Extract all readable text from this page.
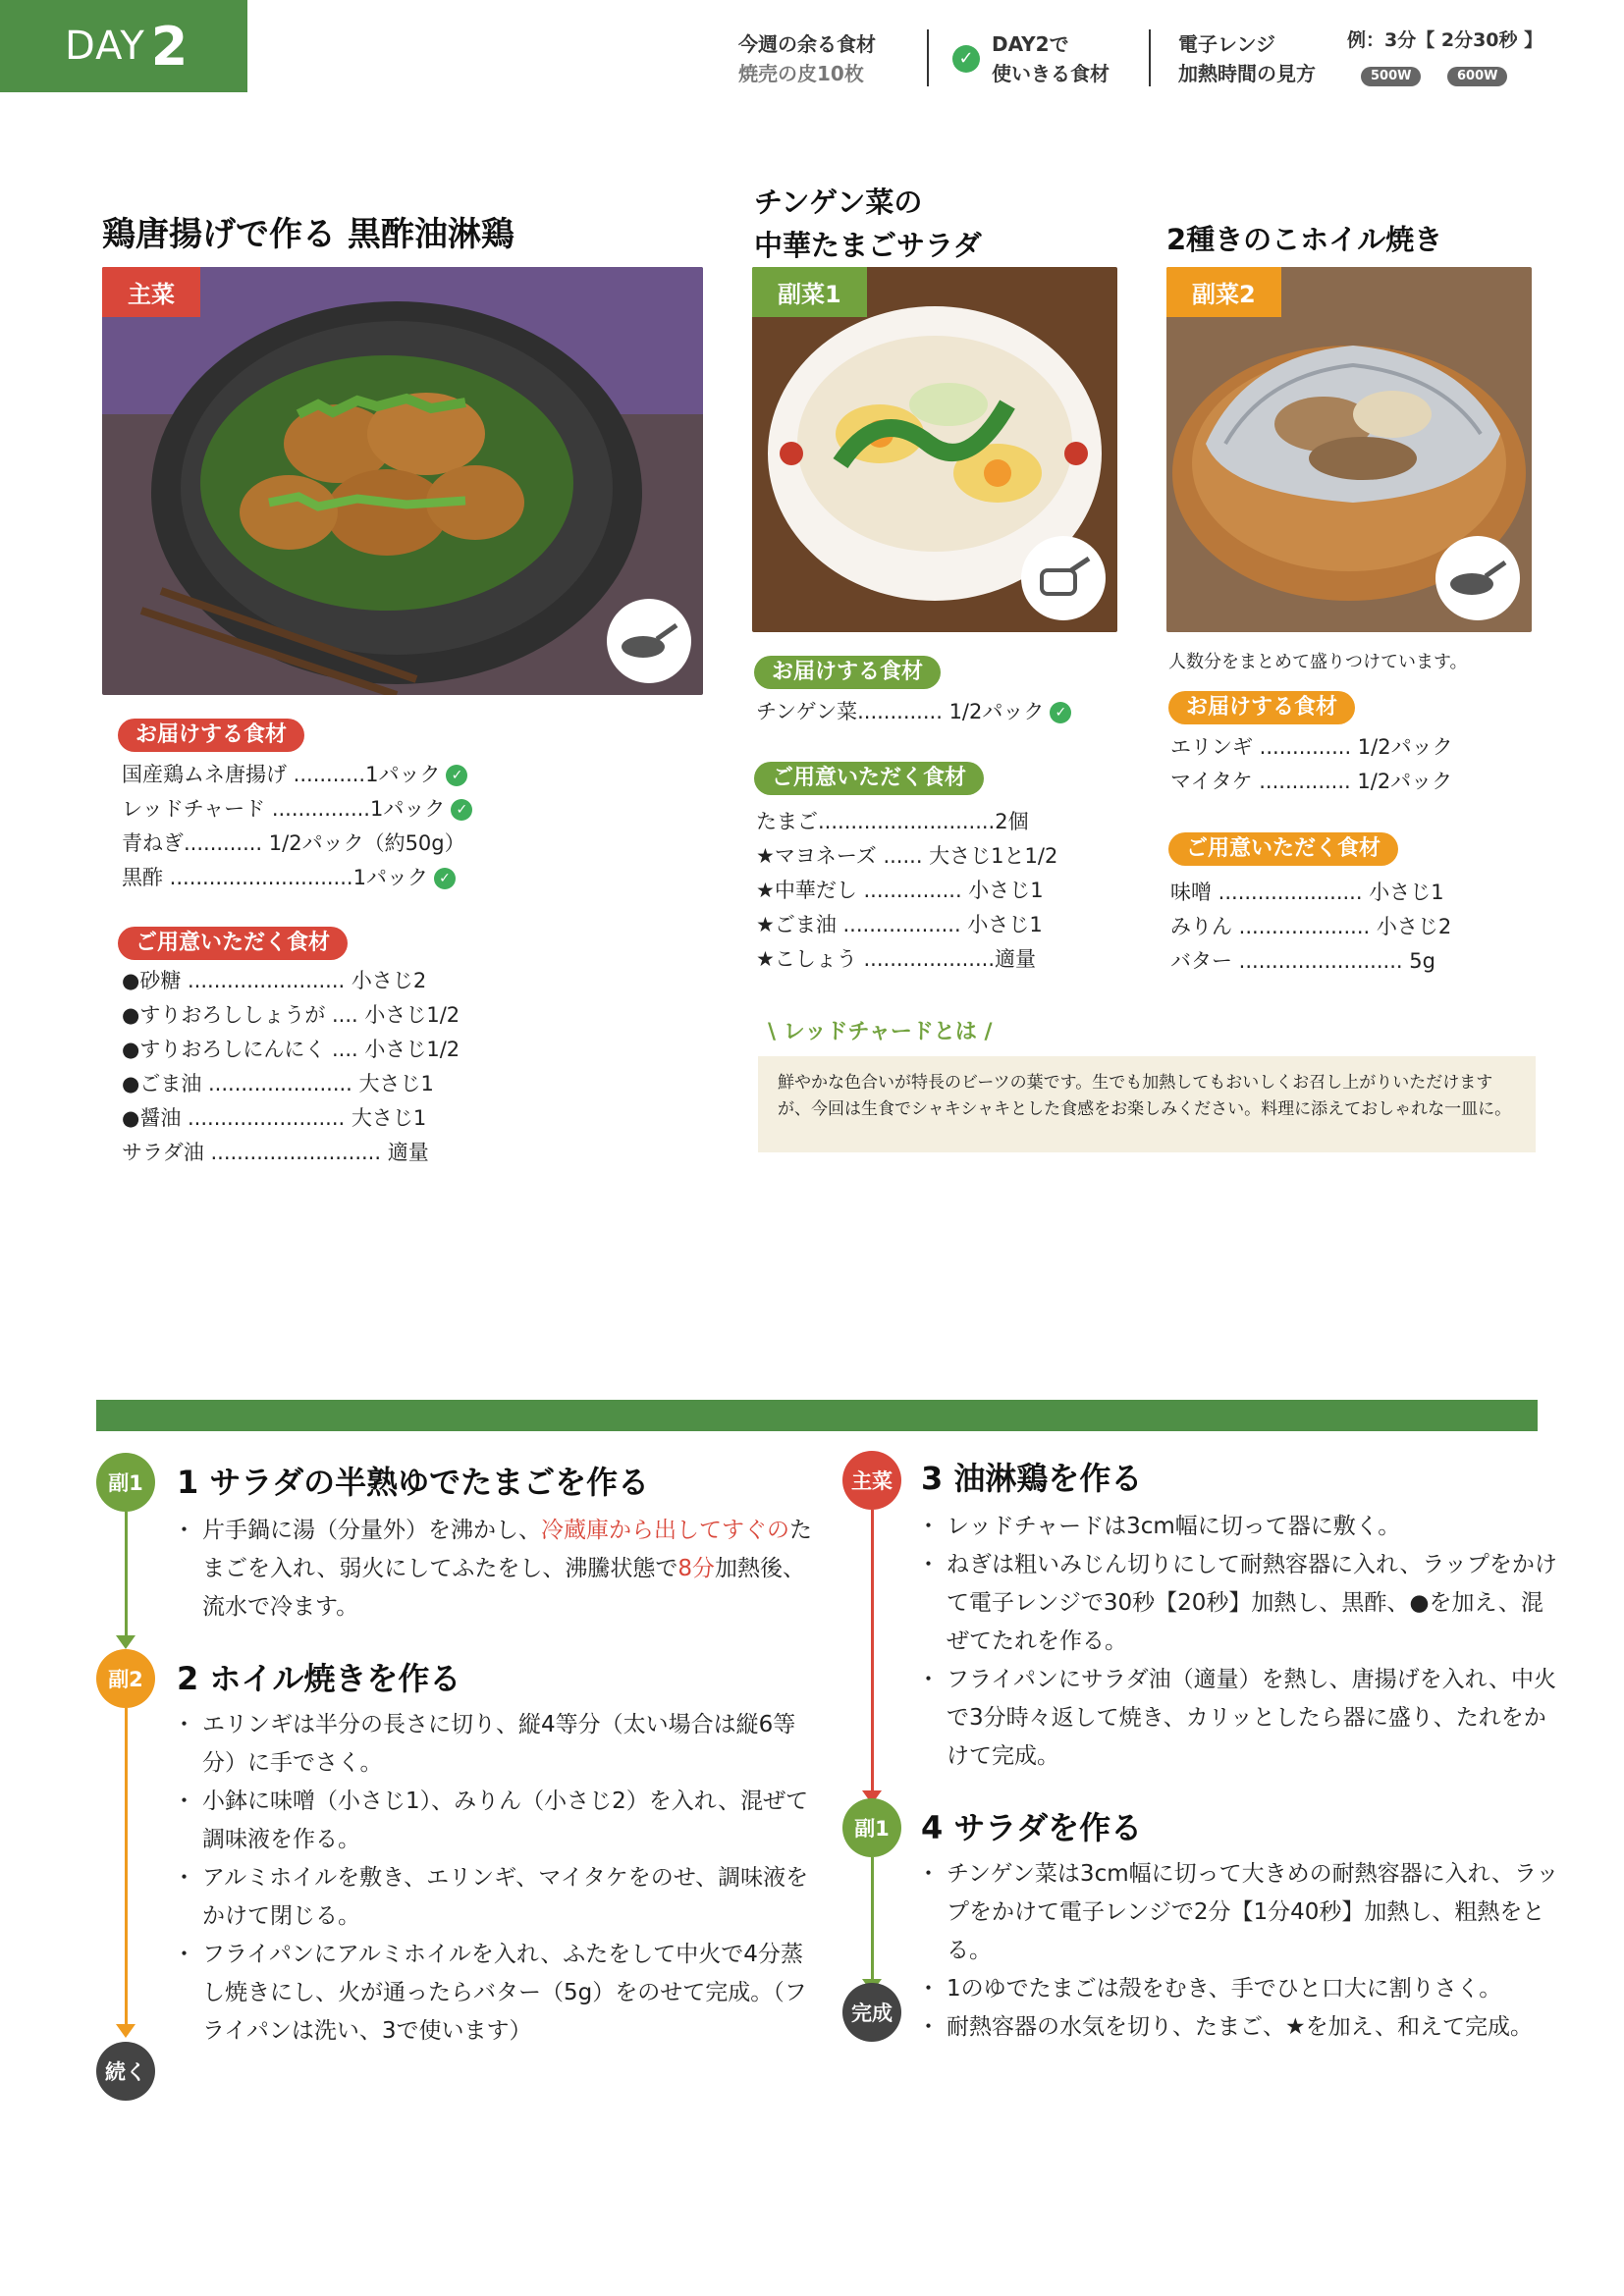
DAY 2	今週の余る食材
焼売の皮10枚
✓
DAY2で
使いきる食材
電子レンジ
加熱時間の見方
例：3分【 2分30秒 】
500W	600W
鶏唐揚げで作る 黒酢油淋鶏
主菜
お届けする食材
国産鶏ムネ唐揚げ ...........1パック ✓
レッドチャード ...............1パック ✓
青ねぎ............ 1/2パック（約50g）
黒酢 ............................1パック ✓
ご用意いただく食材
●砂糖 ........................ 小さじ2
●すりおろししょうが .... 小さじ1/2
●すりおろしにんにく .... 小さじ1/2
●ごま油 ...................... 大さじ1
●醤油 ........................ 大さじ1
サラダ油 .......................... 適量
チンゲン菜の
中華たまごサラダ
副菜1
お届けする食材
チンゲン菜............. 1/2パック ✓
ご用意いただく食材
たまご...........................2個
★マヨネーズ ...... 大さじ1と1/2
★中華だし ............... 小さじ1
★ごま油 .................. 小さじ1
★こしょう ....................適量
2種きのこホイル焼き
副菜2
人数分をまとめて盛りつけています。
お届けする食材
エリンギ .............. 1/2パック
マイタケ .............. 1/2パック
ご用意いただく食材
味噌 ...................... 小さじ1
みりん .................... 小さじ2
バター ......................... 5g
\ レッドチャードとは /
鮮やかな色合いが特長のビーツの葉です。生でも加熱してもおいしくお召し上がりいただけますが、今回は生食でシャキシャキとした食感をお楽しみください。料理に添えておしゃれな一皿に。
副1
副2
続く
1 サラダの半熟ゆでたまごを作る
・ 片手鍋に湯（分量外）を沸かし、冷蔵庫から出してすぐのたまごを入れ、弱火にしてふたをし、沸騰状態で8分加熱後、流水で冷ます。
2 ホイル焼きを作る
・ エリンギは半分の長さに切り、縦4等分（太い場合は縦6等分）に手でさく。
・ 小鉢に味噌（小さじ1）、みりん（小さじ2）を入れ、混ぜて調味液を作る。
・ アルミホイルを敷き、エリンギ、マイタケをのせ、調味液をかけて閉じる。
・ フライパンにアルミホイルを入れ、ふたをして中火で4分蒸し焼きにし、火が通ったらバター（5g）をのせて完成。（フライパンは洗い、3で使います）
主菜
副1
完成
3 油淋鶏を作る
・ レッドチャードは3cm幅に切って器に敷く。
・ ねぎは粗いみじん切りにして耐熱容器に入れ、ラップをかけて電子レンジで30秒【20秒】加熱し、黒酢、●を加え、混ぜてたれを作る。
・ フライパンにサラダ油（適量）を熱し、唐揚げを入れ、中火で3分時々返して焼き、カリッとしたら器に盛り、たれをかけて完成。
4 サラダを作る
・ チンゲン菜は3cm幅に切って大きめの耐熱容器に入れ、ラップをかけて電子レンジで2分【1分40秒】加熱し、粗熱をとる。
・ 1のゆでたまごは殻をむき、手でひと口大に割りさく。
・ 耐熱容器の水気を切り、たまご、★を加え、和えて完成。
